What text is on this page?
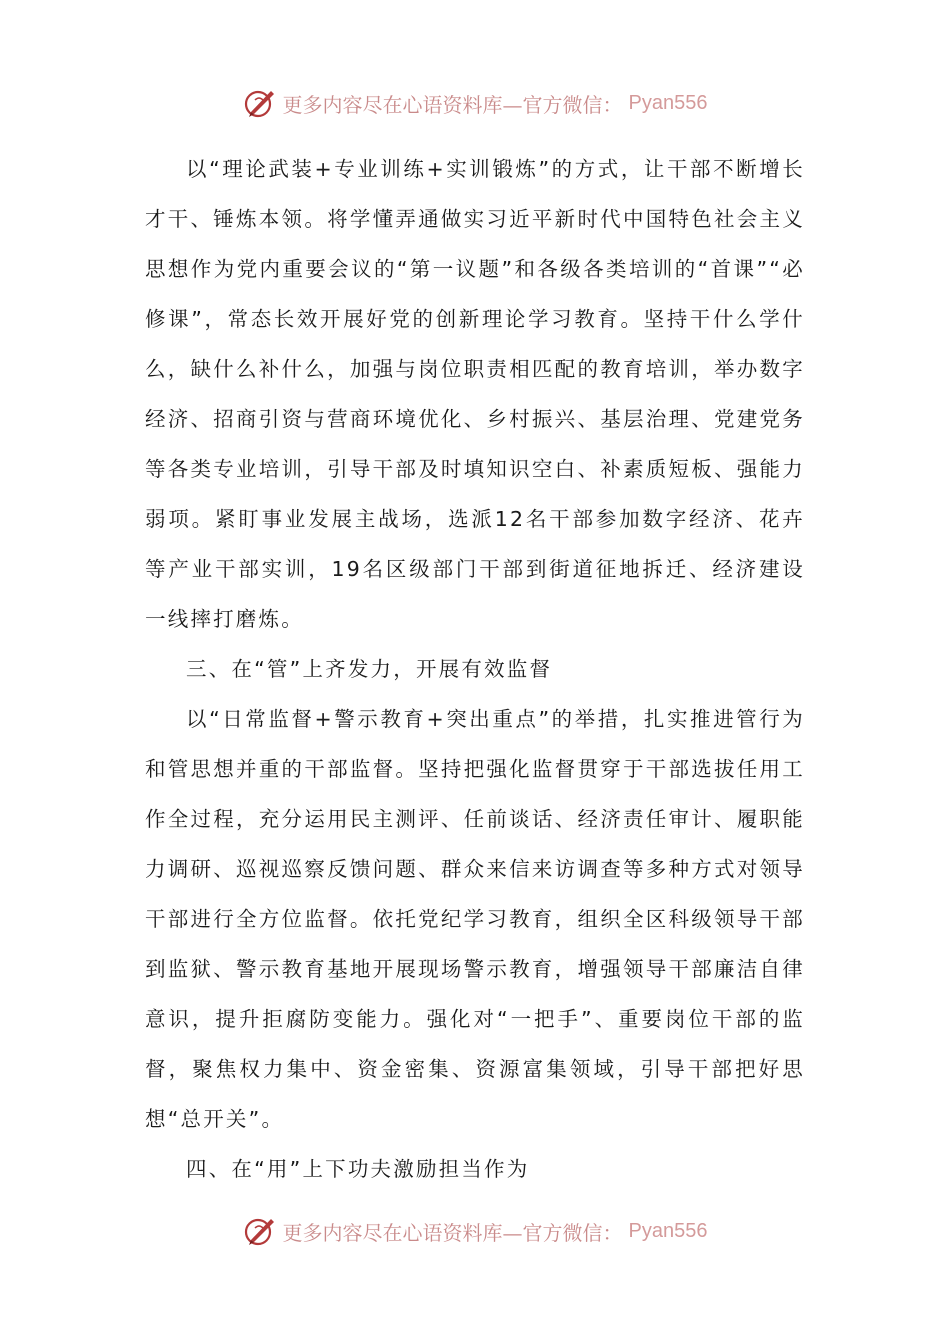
更多内容尽在心语资料库—官方微信： Pyan556

以“理论武装+专业训练+实训锻炼”的方式，让干部不断增长才干、锤炼本领。将学懂弄通做实习近平新时代中国特色社会主义思想作为党内重要会议的“第一议题”和各级各类培训的“首课”“必修课”，常态长效开展好党的创新理论学习教育。坚持干什么学什么，缺什么补什么，加强与岗位职责相匹配的教育培训，举办数字经济、招商引资与营商环境优化、乡村振兴、基层治理、党建党务等各类专业培训，引导干部及时填知识空白、补素质短板、强能力弱项。紧盯事业发展主战场，选派12名干部参加数字经济、花卉等产业干部实训，19名区级部门干部到街道征地拆迁、经济建设一线摔打磨炼。

三、在“管”上齐发力，开展有效监督

以“日常监督+警示教育+突出重点”的举措，扎实推进管行为和管思想并重的干部监督。坚持把强化监督贯穿于干部选拔任用工作全过程，充分运用民主测评、任前谈话、经济责任审计、履职能力调研、巡视巡察反馈问题、群众来信来访调查等多种方式对领导干部进行全方位监督。依托党纪学习教育，组织全区科级领导干部到监狱、警示教育基地开展现场警示教育，增强领导干部廉洁自律意识，提升拒腐防变能力。强化对“一把手”、重要岗位干部的监督，聚焦权力集中、资金密集、资源富集领域，引导干部把好思想“总开关”。

四、在“用”上下功夫激励担当作为

更多内容尽在心语资料库—官方微信： Pyan556
